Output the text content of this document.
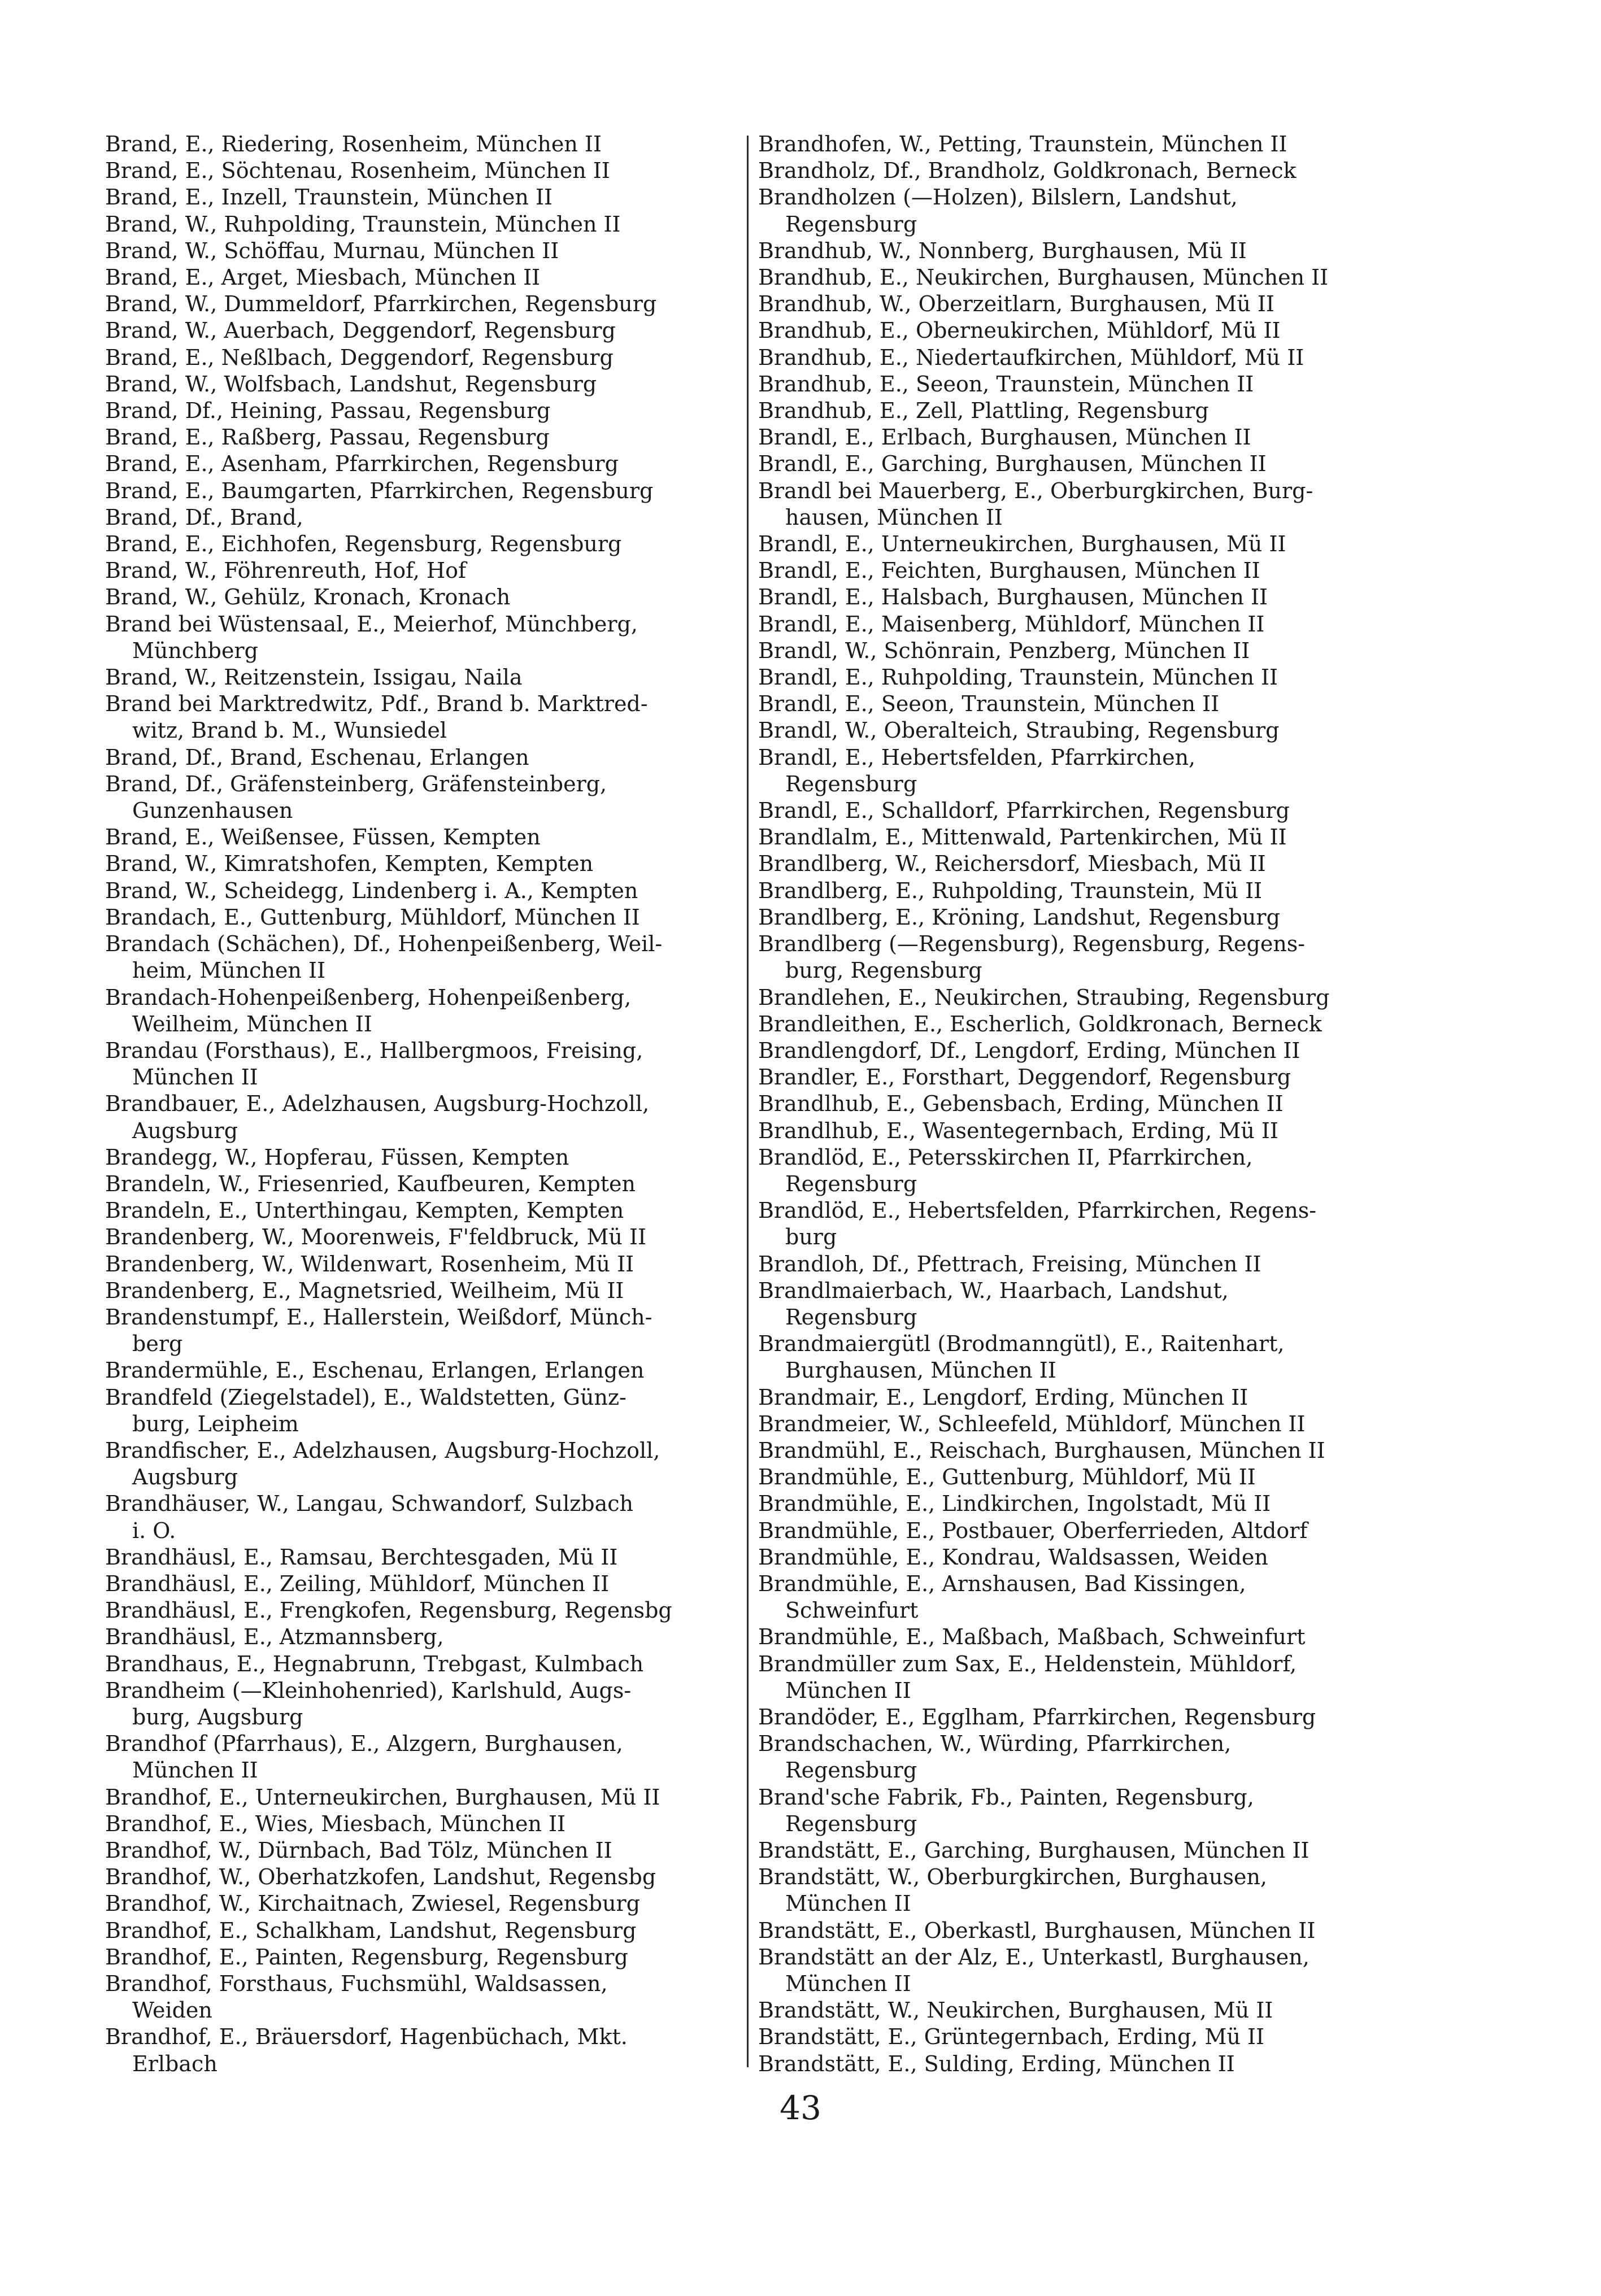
Brand, E., Riedering, Rosenheim, München II
Brand, E., Söchtenau, Rosenheim, München II
Brand, E., Inzell, Traunstein, München II
Brand, W., Ruhpolding, Traunstein, München II
Brand, W., Schöffau, Murnau, München II
Brand, E., Arget, Miesbach, München II
Brand, W., Dummeldorf, Pfarrkirchen, Regensburg
Brand, W., Auerbach, Deggendorf, Regensburg
Brand, E., Neßlbach, Deggendorf, Regensburg
Brand, W., Wolfsbach, Landshut, Regensburg
Brand, Df., Heining, Passau, Regensburg
Brand, E., Raßberg, Passau, Regensburg
Brand, E., Asenham, Pfarrkirchen, Regensburg
Brand, E., Baumgarten, Pfarrkirchen, Regensburg
Brand, Df., Brand,
Brand, E., Eichhofen, Regensburg, Regensburg
Brand, W., Föhrenreuth, Hof, Hof
Brand, W., Gehülz, Kronach, Kronach
Brand bei Wüstensaal, E., Meierhof, Münchberg,
Münchberg
Brand, W., Reitzenstein, Issigau, Naila
Brand bei Marktredwitz, Pdf., Brand b. Marktred-
witz, Brand b. M., Wunsiedel
Brand, Df., Brand, Eschenau, Erlangen
Brand, Df., Gräfensteinberg, Gräfensteinberg,
Gunzenhausen
Brand, E., Weißensee, Füssen, Kempten
Brand, W., Kimratshofen, Kempten, Kempten
Brand, W., Scheidegg, Lindenberg i. A., Kempten
Brandach, E., Guttenburg, Mühldorf, München II
Brandach (Schächen), Df., Hohenpeißenberg, Weil-
heim, München II
Brandach-Hohenpeißenberg, Hohenpeißenberg,
Weilheim, München II
Brandau (Forsthaus), E., Hallbergmoos, Freising,
München II
Brandbauer, E., Adelzhausen, Augsburg-Hochzoll,
Augsburg
Brandegg, W., Hopferau, Füssen, Kempten
Brandeln, W., Friesenried, Kaufbeuren, Kempten
Brandeln, E., Unterthingau, Kempten, Kempten
Brandenberg, W., Moorenweis, F'feldbruck, Mü II
Brandenberg, W., Wildenwart, Rosenheim, Mü II
Brandenberg, E., Magnetsried, Weilheim, Mü II
Brandenstumpf, E., Hallerstein, Weißdorf, Münch-
berg
Brandermühle, E., Eschenau, Erlangen, Erlangen
Brandfeld (Ziegelstadel), E., Waldstetten, Günz-
burg, Leipheim
Brandfischer, E., Adelzhausen, Augsburg-Hochzoll,
Augsburg
Brandhäuser, W., Langau, Schwandorf, Sulzbach
i. O.
Brandhäusl, E., Ramsau, Berchtesgaden, Mü II
Brandhäusl, E., Zeiling, Mühldorf, München II
Brandhäusl, E., Frengkofen, Regensburg, Regensbg
Brandhäusl, E., Atzmannsberg,
Brandhaus, E., Hegnabrunn, Trebgast, Kulmbach
Brandheim (—Kleinhohenried), Karlshuld, Augs-
burg, Augsburg
Brandhof (Pfarrhaus), E., Alzgern, Burghausen,
München II
Brandhof, E., Unterneukirchen, Burghausen, Mü II
Brandhof, E., Wies, Miesbach, München II
Brandhof, W., Dürnbach, Bad Tölz, München II
Brandhof, W., Oberhatzkofen, Landshut, Regensbg
Brandhof, W., Kirchaitnach, Zwiesel, Regensburg
Brandhof, E., Schalkham, Landshut, Regensburg
Brandhof, E., Painten, Regensburg, Regensburg
Brandhof, Forsthaus, Fuchsmühl, Waldsassen,
Weiden
Brandhof, E., Bräuersdorf, Hagenbüchach, Mkt.
Erlbach
Brandhofen, W., Petting, Traunstein, München II
Brandholz, Df., Brandholz, Goldkronach, Berneck
Brandholzen (—Holzen), Bilslern, Landshut,
Regensburg
Brandhub, W., Nonnberg, Burghausen, Mü II
Brandhub, E., Neukirchen, Burghausen, München II
Brandhub, W., Oberzeitlarn, Burghausen, Mü II
Brandhub, E., Oberneukirchen, Mühldorf, Mü II
Brandhub, E., Niedertaufkirchen, Mühldorf, Mü II
Brandhub, E., Seeon, Traunstein, München II
Brandhub, E., Zell, Plattling, Regensburg
Brandl, E., Erlbach, Burghausen, München II
Brandl, E., Garching, Burghausen, München II
Brandl bei Mauerberg, E., Oberburgkirchen, Burg-
hausen, München II
Brandl, E., Unterneukirchen, Burghausen, Mü II
Brandl, E., Feichten, Burghausen, München II
Brandl, E., Halsbach, Burghausen, München II
Brandl, E., Maisenberg, Mühldorf, München II
Brandl, W., Schönrain, Penzberg, München II
Brandl, E., Ruhpolding, Traunstein, München II
Brandl, E., Seeon, Traunstein, München II
Brandl, W., Oberalteich, Straubing, Regensburg
Brandl, E., Hebertsfelden, Pfarrkirchen,
Regensburg
Brandl, E., Schalldorf, Pfarrkirchen, Regensburg
Brandlalm, E., Mittenwald, Partenkirchen, Mü II
Brandlberg, W., Reichersdorf, Miesbach, Mü II
Brandlberg, E., Ruhpolding, Traunstein, Mü II
Brandlberg, E., Kröning, Landshut, Regensburg
Brandlberg (—Regensburg), Regensburg, Regens-
burg, Regensburg
Brandlehen, E., Neukirchen, Straubing, Regensburg
Brandleithen, E., Escherlich, Goldkronach, Berneck
Brandlengdorf, Df., Lengdorf, Erding, München II
Brandler, E., Forsthart, Deggendorf, Regensburg
Brandlhub, E., Gebensbach, Erding, München II
Brandlhub, E., Wasentegernbach, Erding, Mü II
Brandlöd, E., Petersskirchen II, Pfarrkirchen,
Regensburg
Brandlöd, E., Hebertsfelden, Pfarrkirchen, Regens-
burg
Brandloh, Df., Pfettrach, Freising, München II
Brandlmaierbach, W., Haarbach, Landshut,
Regensburg
Brandmaiergütl (Brodmanngütl), E., Raitenhart,
Burghausen, München II
Brandmair, E., Lengdorf, Erding, München II
Brandmeier, W., Schleefeld, Mühldorf, München II
Brandmühl, E., Reischach, Burghausen, München II
Brandmühle, E., Guttenburg, Mühldorf, Mü II
Brandmühle, E., Lindkirchen, Ingolstadt, Mü II
Brandmühle, E., Postbauer, Oberferrieden, Altdorf
Brandmühle, E., Kondrau, Waldsassen, Weiden
Brandmühle, E., Arnshausen, Bad Kissingen,
Schweinfurt
Brandmühle, E., Maßbach, Maßbach, Schweinfurt
Brandmüller zum Sax, E., Heldenstein, Mühldorf,
München II
Brandöder, E., Egglham, Pfarrkirchen, Regensburg
Brandschachen, W., Würding, Pfarrkirchen,
Regensburg
Brand'sche Fabrik, Fb., Painten, Regensburg,
Regensburg
Brandstätt, E., Garching, Burghausen, München II
Brandstätt, W., Oberburgkirchen, Burghausen,
München II
Brandstätt, E., Oberkastl, Burghausen, München II
Brandstätt an der Alz, E., Unterkastl, Burghausen,
München II
Brandstätt, W., Neukirchen, Burghausen, Mü II
Brandstätt, E., Grüntegernbach, Erding, Mü II
Brandstätt, E., Sulding, Erding, München II
43
